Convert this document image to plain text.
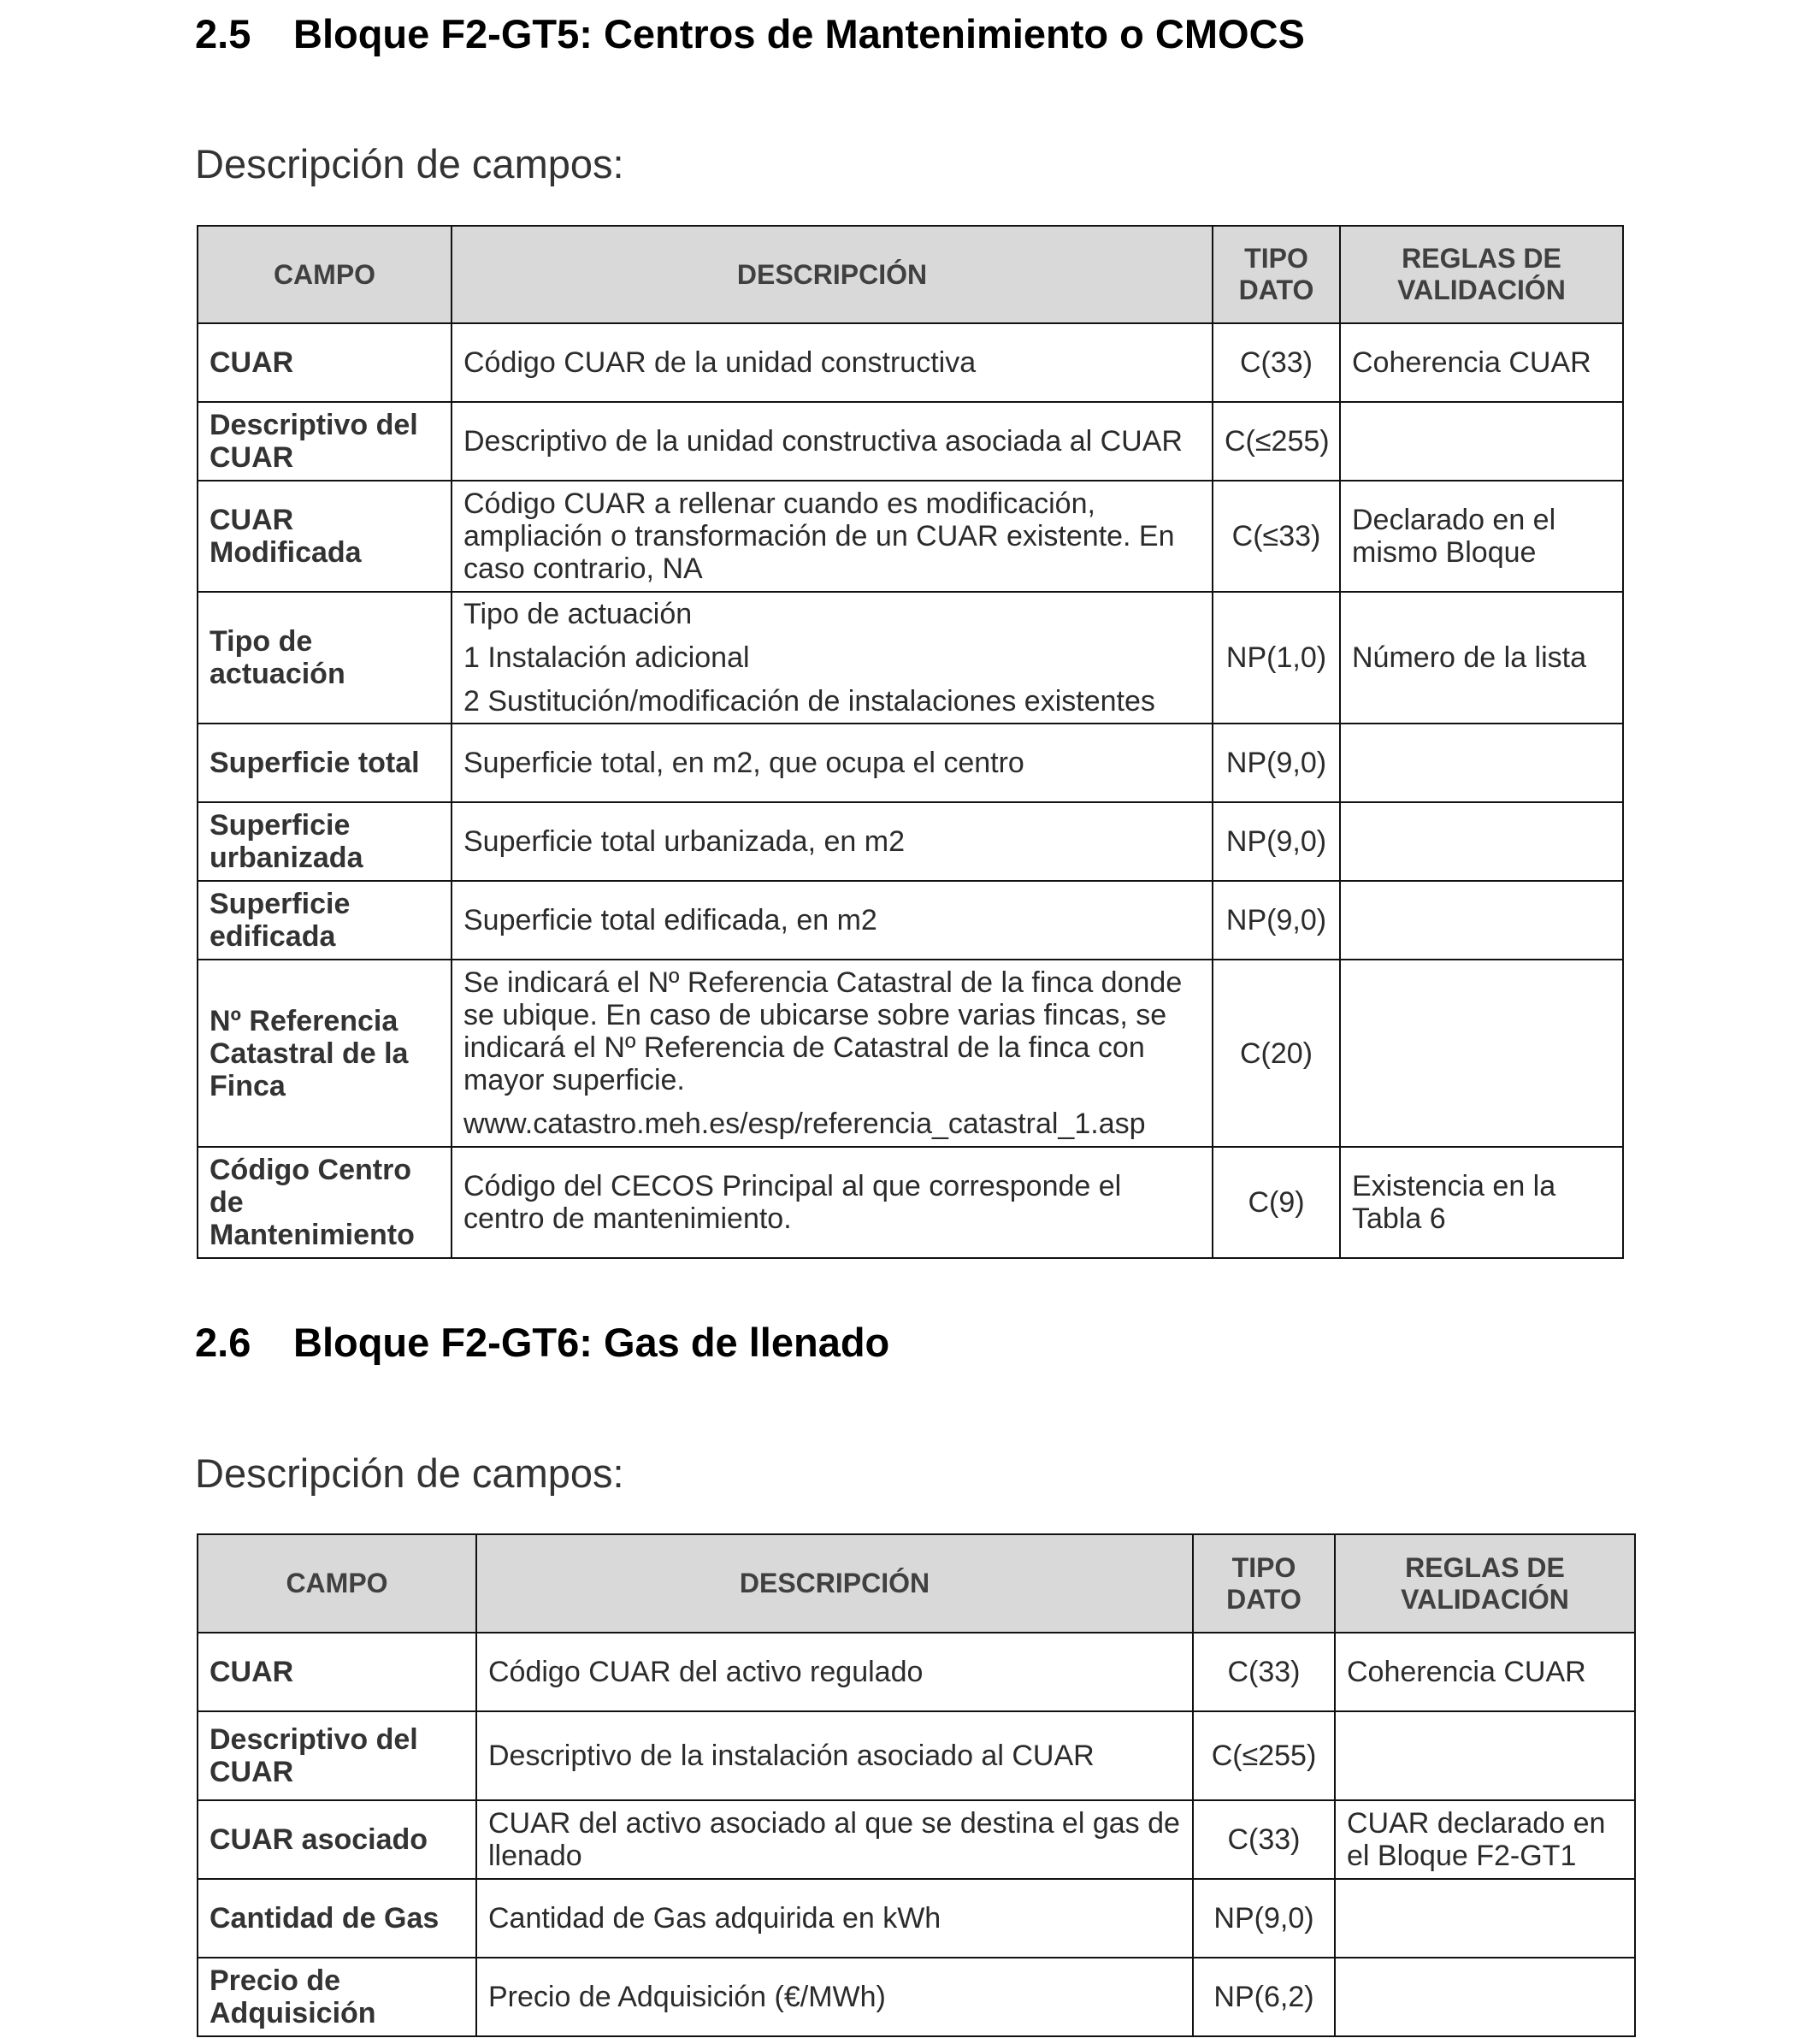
2.5 Bloque F2-GT5: Centros de Mantenimiento o CMOCS
Descripción de campos:
CAMPO	DESCRIPCIÓN	TIPO DATO	REGLAS DE VALIDACIÓN
CUAR	Código CUAR de la unidad constructiva	C(33)	Coherencia CUAR
Descriptivo del CUAR	Descriptivo de la unidad constructiva asociada al CUAR	C(≤255)	
CUAR Modificada	Código CUAR a rellenar cuando es modificación, ampliación o transformación de un CUAR existente. En caso contrario, NA	C(≤33)	Declarado en el mismo Bloque
Tipo de actuación	Tipo de actuación
1 Instalación adicional
2 Sustitución/modificación de instalaciones existentes	NP(1,0)	Número de la lista
Superficie total	Superficie total, en m2, que ocupa el centro	NP(9,0)	
Superficie urbanizada	Superficie total urbanizada, en m2	NP(9,0)	
Superficie edificada	Superficie total edificada, en m2	NP(9,0)	
Nº Referencia Catastral de la Finca	Se indicará el Nº Referencia Catastral de la finca donde se ubique. En caso de ubicarse sobre varias fincas, se indicará el Nº Referencia de Catastral de la finca con mayor superficie.
www.catastro.meh.es/esp/referencia_catastral_1.asp	C(20)	
Código Centro de Mantenimiento	Código del CECOS Principal al que corresponde el centro de mantenimiento.	C(9)	Existencia en la Tabla 6
2.6 Bloque F2-GT6: Gas de llenado
Descripción de campos:
CAMPO	DESCRIPCIÓN	TIPO DATO	REGLAS DE VALIDACIÓN
CUAR	Código CUAR del activo regulado	C(33)	Coherencia CUAR
Descriptivo del CUAR	Descriptivo de la instalación asociado al CUAR	C(≤255)	
CUAR asociado	CUAR del activo asociado al que se destina el gas de llenado	C(33)	CUAR declarado en el Bloque F2-GT1
Cantidad de Gas	Cantidad de Gas adquirida en kWh	NP(9,0)	
Precio de Adquisición	Precio de Adquisición (€/MWh)	NP(6,2)	
